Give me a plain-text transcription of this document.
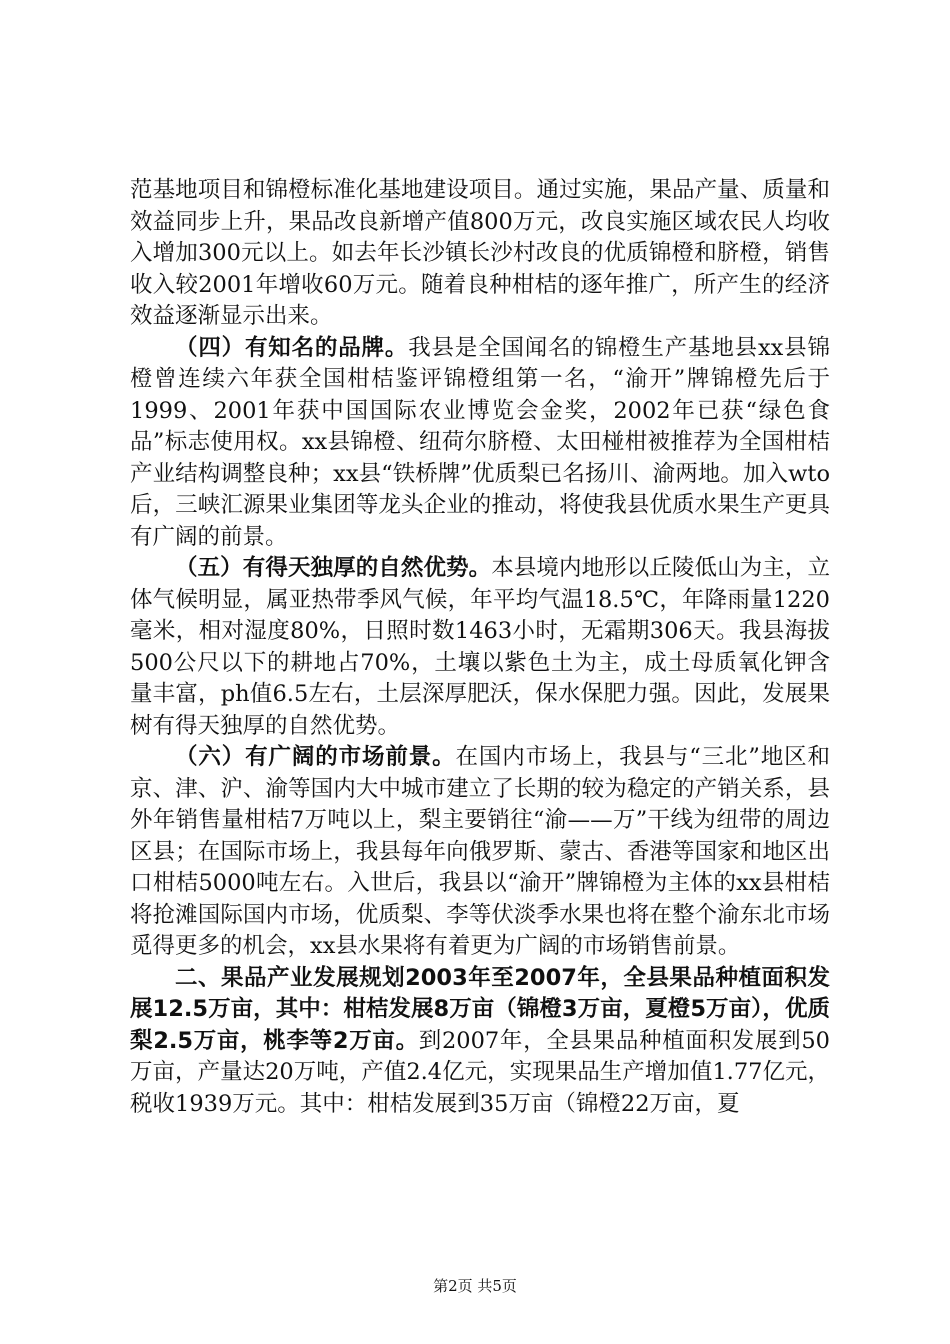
范基地项目和锦橙标准化基地建设项目。通过实施，果品产量、质量和效益同步上升，果品改良新增产值800万元，改良实施区域农民人均收入增加300元以上。如去年长沙镇长沙村改良的优质锦橙和脐橙，销售收入较2001年增收60万元。随着良种柑桔的逐年推广，所产生的经济效益逐渐显示出来。

（四）有知名的品牌。我县是全国闻名的锦橙生产基地县xx县锦橙曾连续六年获全国柑桔鉴评锦橙组第一名，“渝开”牌锦橙先后于1999、2001年获中国国际农业博览会金奖，2002年已获“绿色食品”标志使用权。xx县锦橙、纽荷尔脐橙、太田椪柑被推荐为全国柑桔产业结构调整良种；xx县“铁桥牌”优质梨已名扬川、渝两地。加入wto后，三峡汇源果业集团等龙头企业的推动，将使我县优质水果生产更具有广阔的前景。

（五）有得天独厚的自然优势。本县境内地形以丘陵低山为主，立体气候明显，属亚热带季风气候，年平均气温18.5℃，年降雨量1220毫米，相对湿度80%，日照时数1463小时，无霜期306天。我县海拔500公尺以下的耕地占70%，土壤以紫色土为主，成土母质氧化钾含量丰富，ph值6.5左右，土层深厚肥沃，保水保肥力强。因此，发展果树有得天独厚的自然优势。

（六）有广阔的市场前景。在国内市场上，我县与“三北”地区和京、津、沪、渝等国内大中城市建立了长期的较为稳定的产销关系，县外年销售量柑桔7万吨以上，梨主要销往“渝——万”干线为纽带的周边区县；在国际市场上，我县每年向俄罗斯、蒙古、香港等国家和地区出口柑桔5000吨左右。入世后，我县以“渝开”牌锦橙为主体的xx县柑桔将抢滩国际国内市场，优质梨、李等伏淡季水果也将在整个渝东北市场觅得更多的机会，xx县水果将有着更为广阔的市场销售前景。

二、果品产业发展规划2003年至2007年，全县果品种植面积发展12.5万亩，其中：柑桔发展8万亩（锦橙3万亩，夏橙5万亩），优质梨2.5万亩，桃李等2万亩。到2007年，全县果品种植面积发展到50万亩，产量达20万吨，产值2.4亿元，实现果品生产增加值1.77亿元，税收1939万元。其中：柑桔发展到35万亩（锦橙22万亩，夏

第2页 共5页
